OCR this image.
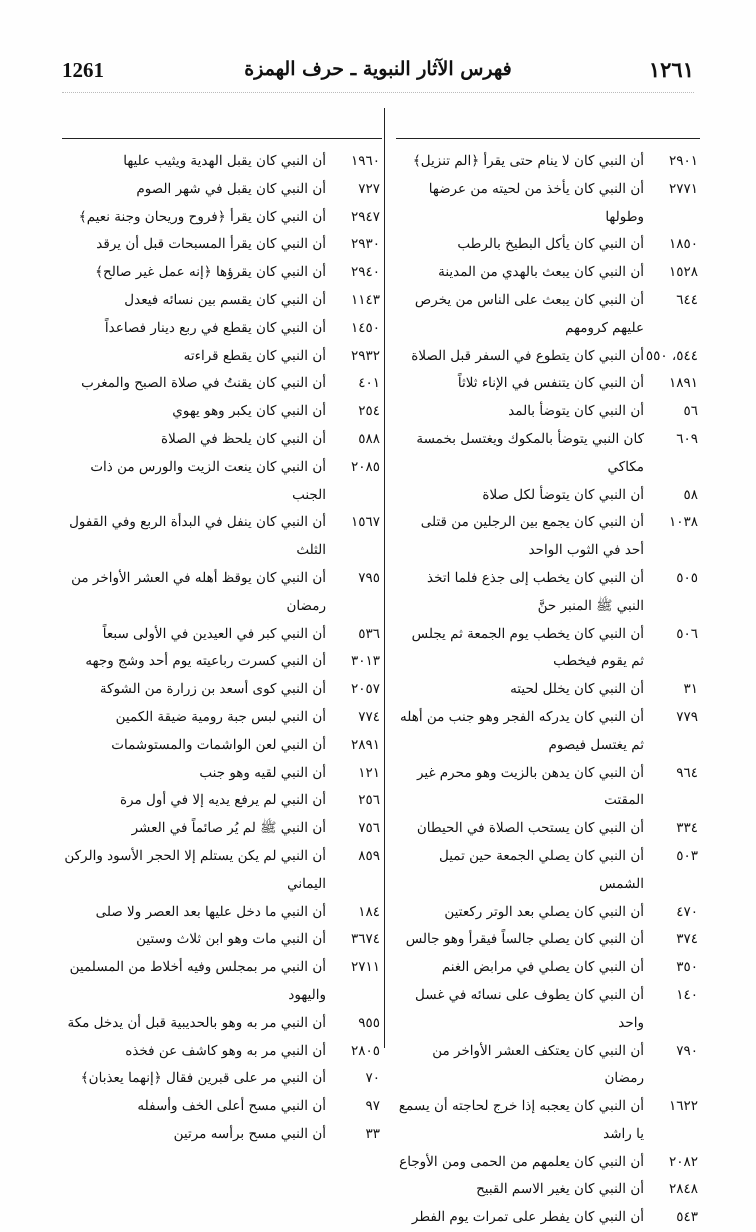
1261	فهرس الآثار النبوية ـ حرف الهمزة	١٢٦١
٢٩٠١
أن النبي كان لا ينام حتى يقرأ ﴿الم تنزيل﴾
٢٧٧١
أن النبي كان يأخذ من لحيته من عرضها وطولها
١٨٥٠
أن النبي كان يأكل البطيخ بالرطب
١٥٢٨
أن النبي كان يبعث بالهدي من المدينة
٦٤٤
أن النبي كان يبعث على الناس من يخرص عليهم كرومهم
٥٤٤، ٥٥٠
أن النبي كان يتطوع في السفر قبل الصلاة
١٨٩١
أن النبي كان يتنفس في الإناء ثلاثاً
٥٦
أن النبي كان يتوضأ بالمد
٦٠٩
كان النبي يتوضأ بالمكوك ويغتسل بخمسة مكاكي
٥٨
أن النبي كان يتوضأ لكل صلاة
١٠٣٨
أن النبي كان يجمع بين الرجلين من قتلى أحد في الثوب الواحد
٥٠٥
أن النبي كان يخطب إلى جذع فلما اتخذ النبي ﷺ المنبر حنَّ
٥٠٦
أن النبي كان يخطب يوم الجمعة ثم يجلس ثم يقوم فيخطب
٣١
أن النبي كان يخلل لحيته
٧٧٩
أن النبي كان يدركه الفجر وهو جنب من أهله ثم يغتسل فيصوم
٩٦٤
أن النبي كان يدهن بالزيت وهو محرم غير المقتت
٣٣٤
أن النبي كان يستحب الصلاة في الحيطان
٥٠٣
أن النبي كان يصلي الجمعة حين تميل الشمس
٤٧٠
أن النبي كان يصلي بعد الوتر ركعتين
٣٧٤
أن النبي كان يصلي جالساً فيقرأ وهو جالس
٣٥٠
أن النبي كان يصلي في مرابض الغنم
١٤٠
أن النبي كان يطوف على نسائه في غسل واحد
٧٩٠
أن النبي كان يعتكف العشر الأواخر من رمضان
١٦٢٢
أن النبي كان يعجبه إذا خرج لحاجته أن يسمع يا راشد
٢٠٨٢
أن النبي كان يعلمهم من الحمى ومن الأوجاع
٢٨٤٨
أن النبي كان يغير الاسم القبيح
٥٤٣
أن النبي كان يفطر على تمرات يوم الفطر
١٩٦٠
أن النبي كان يقبل الهدية ويثيب عليها
٧٢٧
أن النبي كان يقبل في شهر الصوم
٢٩٤٧
أن النبي كان يقرأ ﴿فروح وريحان وجنة نعيم﴾
٢٩٣٠
أن النبي كان يقرأ المسبحات قبل أن يرقد
٢٩٤٠
أن النبي كان يقرؤها ﴿إنه عمل غير صالح﴾
١١٤٣
أن النبي كان يقسم بين نسائه فيعدل
١٤٥٠
أن النبي كان يقطع في ربع دينار فصاعداً
٢٩٣٢
أن النبي كان يقطع قراءته
٤٠١
أن النبي كان يقنتُ في صلاة الصبح والمغرب
٢٥٤
أن النبي كان يكبر وهو يهوي
٥٨٨
أن النبي كان يلحظ في الصلاة
٢٠٨٥
أن النبي كان ينعت الزيت والورس من ذات الجنب
١٥٦٧
أن النبي كان ينفل في البدأة الربع وفي القفول الثلث
٧٩٥
أن النبي كان يوقظ أهله في العشر الأواخر من رمضان
٥٣٦
أن النبي كبر في العيدين في الأولى سبعاً
٣٠١٣
أن النبي كسرت رباعيته يوم أحد وشج وجهه
٢٠٥٧
أن النبي كوى أسعد بن زرارة من الشوكة
٧٧٤
أن النبي لبس جبة رومية ضيقة الكمين
٢٨٩١
أن النبي لعن الواشمات والمستوشمات
١٢١
أن النبي لقيه وهو جنب
٢٥٦
أن النبي لم يرفع يديه إلا في أول مرة
٧٥٦
أن النبي ﷺ لم يُر صائماً في العشر
٨٥٩
أن النبي لم يكن يستلم إلا الحجر الأسود والركن اليماني
١٨٤
أن النبي ما دخل عليها بعد العصر ولا صلى
٣٦٧٤
أن النبي مات وهو ابن ثلاث وستين
٢٧١١
أن النبي مر بمجلس وفيه أخلاط من المسلمين واليهود
٩٥٥
أن النبي مر به وهو بالحديبية قبل أن يدخل مكة
٢٨٠٥
أن النبي مر به وهو كاشف عن فخذه
٧٠
أن النبي مر على قبرين فقال ﴿إنهما يعذبان﴾
٩٧
أن النبي مسح أعلى الخف وأسفله
٣٣
أن النبي مسح برأسه مرتين
